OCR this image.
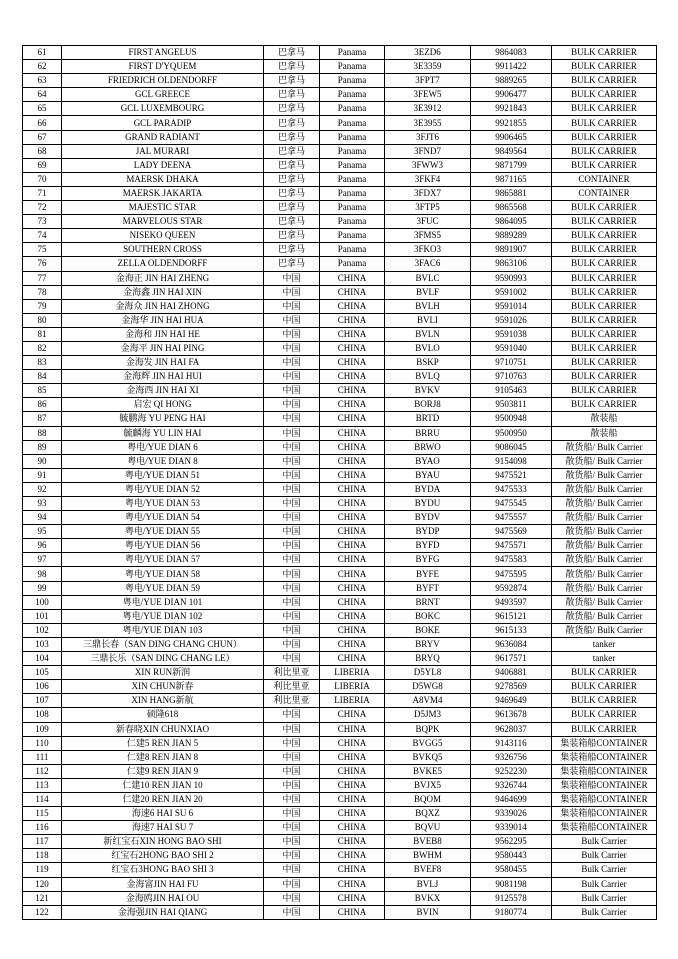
61	FIRST ANGELUS	巴拿马	Panama	3EZD6	9864083	BULK CARRIER
62	FIRST D'YQUEM	巴拿马	Panama	3E3359	9911422	BULK CARRIER
63	FRIEDRICH OLDENDORFF	巴拿马	Panama	3FPT7	9889265	BULK CARRIER
64	GCL GREECE	巴拿马	Panama	3FEW5	9906477	BULK CARRIER
65	GCL LUXEMBOURG	巴拿马	Panama	3E3912	9921843	BULK CARRIER
66	GCL PARADIP	巴拿马	Panama	3E3955	9921855	BULK CARRIER
67	GRAND RADIANT	巴拿马	Panama	3FJT6	9906465	BULK CARRIER
68	JAL MURARI	巴拿马	Panama	3FND7	9849564	BULK CARRIER
69	LADY DEENA	巴拿马	Panama	3FWW3	9871799	BULK CARRIER
70	MAERSK DHAKA	巴拿马	Panama	3FKF4	9871165	CONTAINER
71	MAERSK JAKARTA	巴拿马	Panama	3FDX7	9865881	CONTAINER
72	MAJESTIC STAR	巴拿马	Panama	3FTP5	9865568	BULK CARRIER
73	MARVELOUS STAR	巴拿马	Panama	3FUC	9864095	BULK CARRIER
74	NISEKO QUEEN	巴拿马	Panama	3FMS5	9889289	BULK CARRIER
75	SOUTHERN CROSS	巴拿马	Panama	3FKO3	9891907	BULK CARRIER
76	ZELLA OLDENDORFF	巴拿马	Panama	3FAC6	9863106	BULK CARRIER
77	金海正 JIN HAI ZHENG	中国	CHINA	BVLC	9590993	BULK CARRIER
78	金海鑫 JIN HAI XIN	中国	CHINA	BVLF	9591002	BULK CARRIER
79	金海众 JIN HAI ZHONG	中国	CHINA	BVLH	9591014	BULK CARRIER
80	金海华 JIN HAI HUA	中国	CHINA	BVLI	9591026	BULK CARRIER
81	金海和 JIN HAI HE	中国	CHINA	BVLN	9591038	BULK CARRIER
82	金海平 JIN HAI PING	中国	CHINA	BVLO	9591040	BULK CARRIER
83	金海发 JIN HAI FA	中国	CHINA	BSKP	9710751	BULK CARRIER
84	金海辉 JIN HAI HUI	中国	CHINA	BVLQ	9710763	BULK CARRIER
85	金海西 JIN HAI XI	中国	CHINA	BVKV	9105463	BULK CARRIER
86	启宏 QI HONG	中国	CHINA	BORJ8	9503811	BULK CARRIER
87	毓鹏海 YU PENG HAI	中国	CHINA	BRTD	9500948	散装船
88	毓麟海 YU LIN HAI	中国	CHINA	BRRU	9500950	散装船
89	粤电/YUE DIAN 6	中国	CHINA	BRWO	9086045	散货船/ Bulk Carrier
90	粤电/YUE DIAN 8	中国	CHINA	BYAO	9154098	散货船/ Bulk Carrier
91	粤电/YUE DIAN 51	中国	CHINA	BYAU	9475521	散货船/ Bulk Carrier
92	粤电/YUE DIAN 52	中国	CHINA	BYDA	9475533	散货船/ Bulk Carrier
93	粤电/YUE DIAN 53	中国	CHINA	BYDU	9475545	散货船/ Bulk Carrier
94	粤电/YUE DIAN 54	中国	CHINA	BYDV	9475557	散货船/ Bulk Carrier
95	粤电/YUE DIAN 55	中国	CHINA	BYDP	9475569	散货船/ Bulk Carrier
96	粤电/YUE DIAN 56	中国	CHINA	BYFD	9475571	散货船/ Bulk Carrier
97	粤电/YUE DIAN 57	中国	CHINA	BYFG	9475583	散货船/ Bulk Carrier
98	粤电/YUE DIAN 58	中国	CHINA	BYFE	9475595	散货船/ Bulk Carrier
99	粤电/YUE DIAN 59	中国	CHINA	BYFT	9592874	散货船/ Bulk Carrier
100	粤电/YUE DIAN 101	中国	CHINA	BRNT	9493597	散货船/ Bulk Carrier
101	粤电/YUE DIAN 102	中国	CHINA	BOKC	9615121	散货船/ Bulk Carrier
102	粤电/YUE DIAN 103	中国	CHINA	BOKE	9615133	散货船/ Bulk Carrier
103	三鼎长春（SAN DING CHANG CHUN）	中国	CHINA	BRYV	9636084	tanker
104	三鼎长乐（SAN DING CHANG LE）	中国	CHINA	BRYQ	9617571	tanker
105	XIN RUN新润	利比里亚	LIBERIA	D5YL8	9406881	BULK CARRIER
106	XIN CHUN新春	利比里亚	LIBERIA	D5WG8	9278569	BULK CARRIER
107	XIN HANG新航	利比里亚	LIBERIA	A8VM4	9469649	BULK CARRIER
108	硕隆618	中国	CHINA	D5JM3	9613678	BULK CARRIER
109	新春晓XIN CHUNXIAO	中国	CHINA	BQPK	9628037	BULK CARRIER
110	仁建5 REN JIAN 5	中国	CHINA	BVGG5	9143116	集装箱船CONTAINER
111	仁建8 REN JIAN 8	中国	CHINA	BVKQ5	9326756	集装箱船CONTAINER
112	仁建9 REN JIAN 9	中国	CHINA	BVKE5	9252230	集装箱船CONTAINER
113	仁建10 REN JIAN 10	中国	CHINA	BVJX5	9326744	集装箱船CONTAINER
114	仁建20 REN JIAN 20	中国	CHINA	BQOM	9464699	集装箱船CONTAINER
115	海速6 HAI SU 6	中国	CHINA	BQXZ	9339026	集装箱船CONTAINER
116	海速7 HAI SU 7	中国	CHINA	BQVU	9339014	集装箱船CONTAINER
117	新红宝石XIN HONG BAO SHI	中国	CHINA	BVEB8	9562295	Bulk Carrier
118	红宝石2HONG BAO SHI 2	中国	CHINA	BWHM	9580443	Bulk Carrier
119	红宝石3HONG BAO SHI 3	中国	CHINA	BVEF8	9580455	Bulk Carrier
120	金海富JIN HAI FU	中国	CHINA	BVLJ	9081198	Bulk Carrier
121	金海鸥JIN HAI OU	中国	CHINA	BVKX	9125578	Bulk Carrier
122	金海强JIN HAI QIANG	中国	CHINA	BVIN	9180774	Bulk Carrier
